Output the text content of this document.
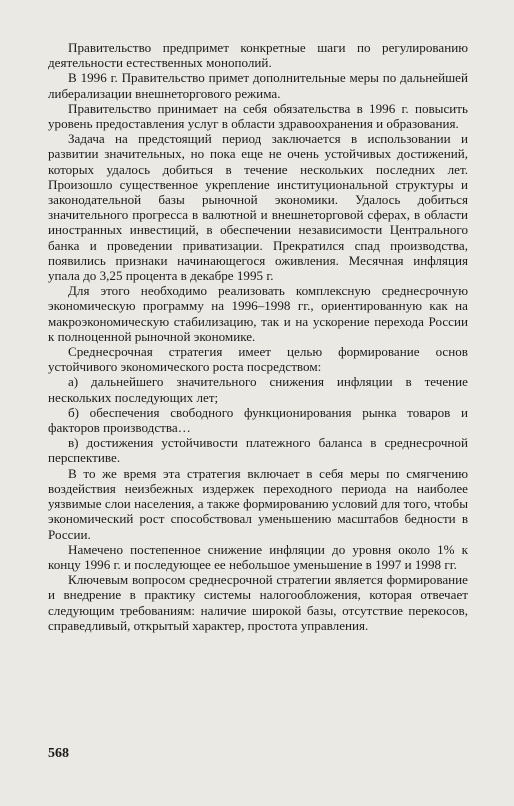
Правительство предпримет конкретные шаги по регулированию деятельности естественных монополий.

В 1996 г. Правительство примет дополнительные меры по дальнейшей либерализации внешнеторгового режима.

Правительство принимает на себя обязательства в 1996 г. повысить уровень предоставления услуг в области здравоохранения и образования.

Задача на предстоящий период заключается в использовании и развитии значительных, но пока еще не очень устойчивых достижений, которых удалось добиться в течение нескольких последних лет. Произошло существенное укрепление институциональной структуры и законодательной базы рыночной экономики. Удалось добиться значительного прогресса в валютной и внешнеторговой сферах, в области иностранных инвестиций, в обеспечении независимости Центрального банка и проведении приватизации. Прекратился спад производства, появились признаки начинающегося оживления. Месячная инфляция упала до 3,25 процента в декабре 1995 г.

Для этого необходимо реализовать комплексную среднесрочную экономическую программу на 1996–1998 гг., ориентированную как на макроэкономическую стабилизацию, так и на ускорение перехода России к полноценной рыночной экономике.

Среднесрочная стратегия имеет целью формирование основ устойчивого экономического роста посредством:

а) дальнейшего значительного снижения инфляции в течение нескольких последующих лет;

б) обеспечения свободного функционирования рынка товаров и факторов производства…

в) достижения устойчивости платежного баланса в среднесрочной перспективе.

В то же время эта стратегия включает в себя меры по смягчению воздействия неизбежных издержек переходного периода на наиболее уязвимые слои населения, а также формированию условий для того, чтобы экономический рост способствовал уменьшению масштабов бедности в России.

Намечено постепенное снижение инфляции до уровня около 1% к концу 1996 г. и последующее ее небольшое уменьшение в 1997 и 1998 гг.

Ключевым вопросом среднесрочной стратегии является формирование и внедрение в практику системы налогообложения, которая отвечает следующим требованиям: наличие широкой базы, отсутствие перекосов, справедливый, открытый характер, простота управления.

568
